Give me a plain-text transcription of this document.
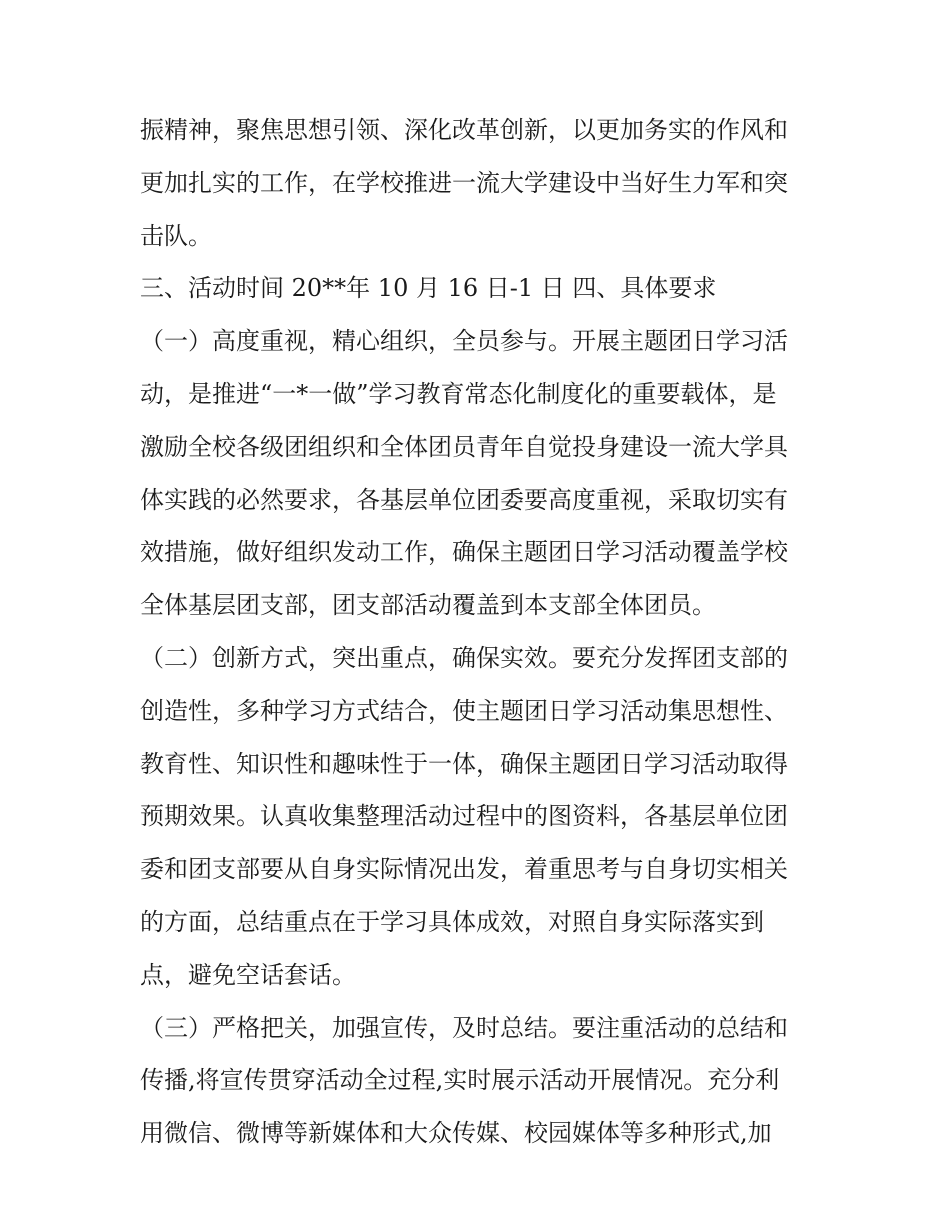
振精神，聚焦思想引领、深化改革创新，以更加务实的作风和
更加扎实的工作，在学校推进一流大学建设中当好生力军和突
击队。
三、活动时间 20**年 10 月 16 日-1 日 四、具体要求
（一）高度重视，精心组织，全员参与。开展主题团日学习活
动，是推进“一*一做”学习教育常态化制度化的重要载体，是
激励全校各级团组织和全体团员青年自觉投身建设一流大学具
体实践的必然要求，各基层单位团委要高度重视，采取切实有
效措施，做好组织发动工作，确保主题团日学习活动覆盖学校
全体基层团支部，团支部活动覆盖到本支部全体团员。
（二）创新方式，突出重点，确保实效。要充分发挥团支部的
创造性，多种学习方式结合，使主题团日学习活动集思想性、
教育性、知识性和趣味性于一体，确保主题团日学习活动取得
预期效果。认真收集整理活动过程中的图资料，各基层单位团
委和团支部要从自身实际情况出发，着重思考与自身切实相关
的方面，总结重点在于学习具体成效，对照自身实际落实到
点，避免空话套话。
（三）严格把关，加强宣传，及时总结。要注重活动的总结和
传播,将宣传贯穿活动全过程,实时展示活动开展情况。充分利
用微信、微博等新媒体和大众传媒、校园媒体等多种形式,加
